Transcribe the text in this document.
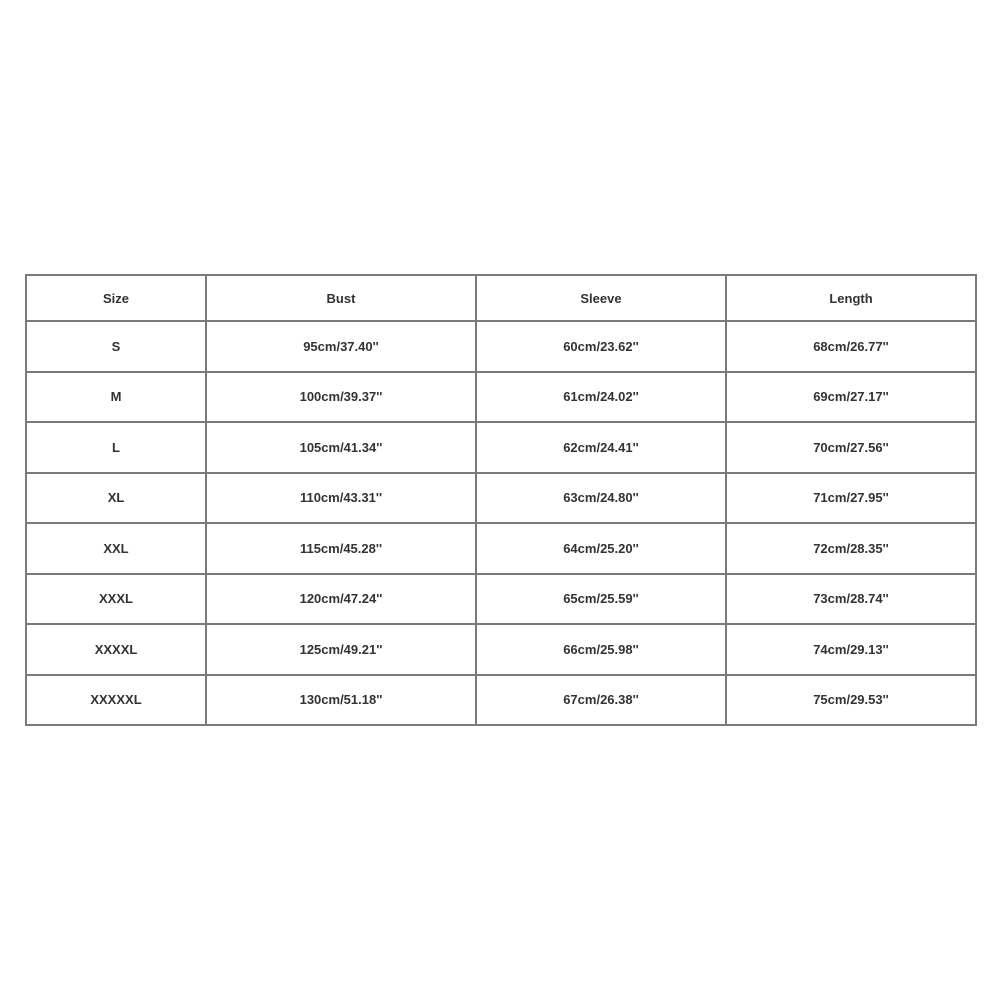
Size	Bust	Sleeve	Length
S	95cm/37.40''	60cm/23.62''	68cm/26.77''
M	100cm/39.37''	61cm/24.02''	69cm/27.17''
L	105cm/41.34''	62cm/24.41''	70cm/27.56''
XL	110cm/43.31''	63cm/24.80''	71cm/27.95''
XXL	115cm/45.28''	64cm/25.20''	72cm/28.35''
XXXL	120cm/47.24''	65cm/25.59''	73cm/28.74''
XXXXL	125cm/49.21''	66cm/25.98''	74cm/29.13''
XXXXXL	130cm/51.18''	67cm/26.38''	75cm/29.53''
